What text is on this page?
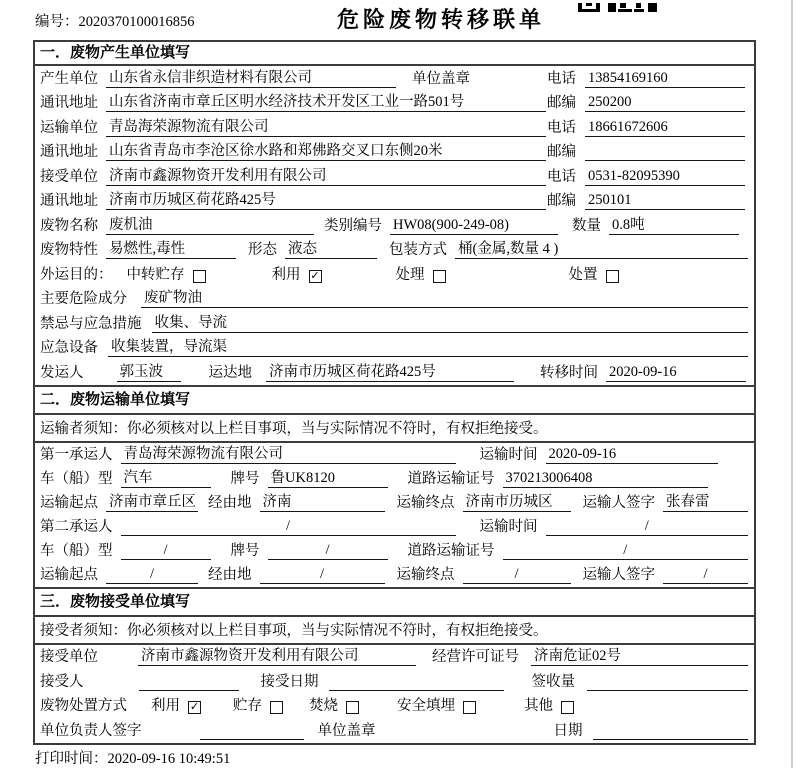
编号：2020370100016856	危险废物转移联单
一．废物产生单位填写
产生单位 山东省永信非织造材料有限公司	单位盖章	电话 13854169160
通讯地址 山东省济南市章丘区明水经济技术开发区工业一路501号	邮编 250200
运输单位 青岛海荣源物流有限公司	电话 18661672606
通讯地址 山东省青岛市李沧区徐水路和郑佛路交叉口东侧20米	邮编
接受单位 济南市鑫源物资开发利用有限公司	电话 0531-82095390
通讯地址 济南市历城区荷花路425号	邮编 250101
废物名称 废机油	类别编号 HW08(900-249-08)	数量 0.8吨
废物特性 易燃性,毒性	形态 液态	包装方式 桶(金属,数量 4 )
外运目的： 中转贮存	利用 ✓	处理	处置
主要危险成分 废矿物油
禁忌与应急措施 收集、导流
应急设备 收集装置，导流渠
发运人 郭玉波	运达地 济南市历城区荷花路425号	转移时间 2020-09-16
二．废物运输单位填写
运输者须知： 你必须核对以上栏目事项，当与实际情况不符时，有权拒绝接受。
第一承运人 青岛海荣源物流有限公司	运输时间 2020-09-16
车（船）型 汽车	牌号 鲁UK8120	道路运输证号 370213006408
运输起点 济南市章丘区 经由地 济南	运输终点 济南市历城区	运输人签字 张春雷
第二承运人	/	运输时间	/
车（船）型	/	牌号	/	道路运输证号	/
运输起点	/	经由地	/	运输终点	/	运输人签字	/
三．废物接受单位填写
接受者须知： 你必须核对以上栏目事项，当与实际情况不符时，有权拒绝接受。
接受单位	济南市鑫源物资开发利用有限公司	经营许可证号 济南危证02号
接受人	接受日期	签收量
废物处置方式 利用 ✓ 贮存	焚烧	安全填埋	其他
单位负责人签字	单位盖章	日期
打印时间：2020-09-16 10:49:51
